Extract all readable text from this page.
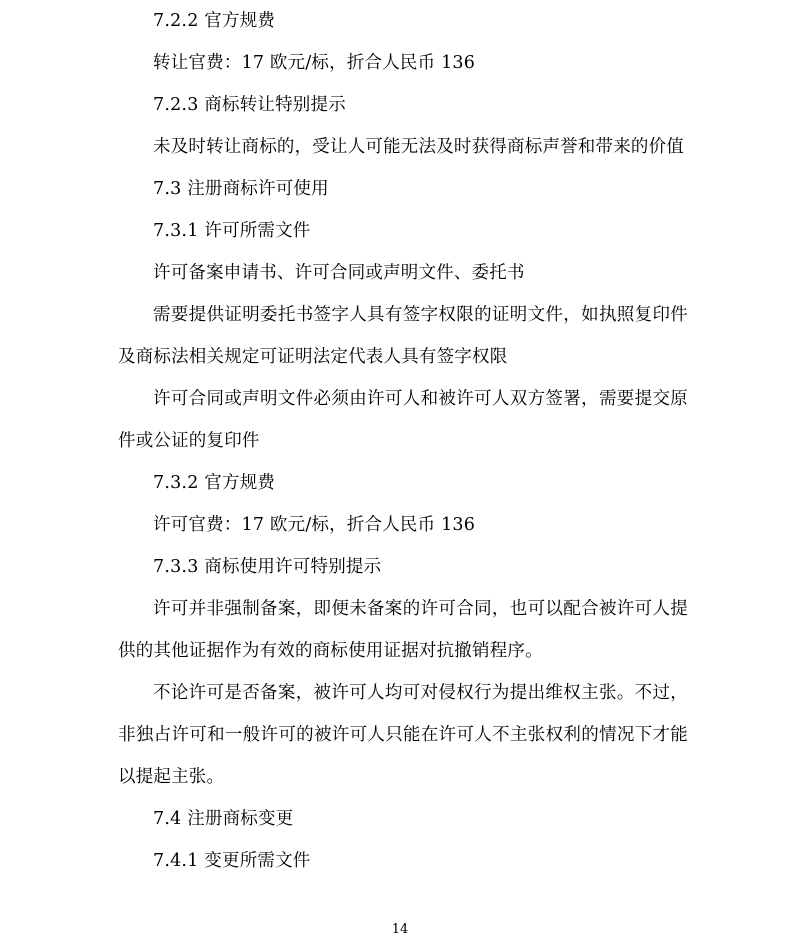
7.2.2 官方规费

转让官费：17 欧元/标，折合人民币 136

7.2.3 商标转让特别提示

未及时转让商标的，受让人可能无法及时获得商标声誉和带来的价值

7.3 注册商标许可使用

7.3.1 许可所需文件

许可备案申请书、许可合同或声明文件、委托书

需要提供证明委托书签字人具有签字权限的证明文件，如执照复印件及商标法相关规定可证明法定代表人具有签字权限

许可合同或声明文件必须由许可人和被许可人双方签署，需要提交原件或公证的复印件

7.3.2 官方规费

许可官费：17 欧元/标，折合人民币 136

7.3.3 商标使用许可特别提示

许可并非强制备案，即便未备案的许可合同，也可以配合被许可人提供的其他证据作为有效的商标使用证据对抗撤销程序。

不论许可是否备案，被许可人均可对侵权行为提出维权主张。不过，非独占许可和一般许可的被许可人只能在许可人不主张权利的情况下才能以提起主张。

7.4 注册商标变更

7.4.1 变更所需文件

14
